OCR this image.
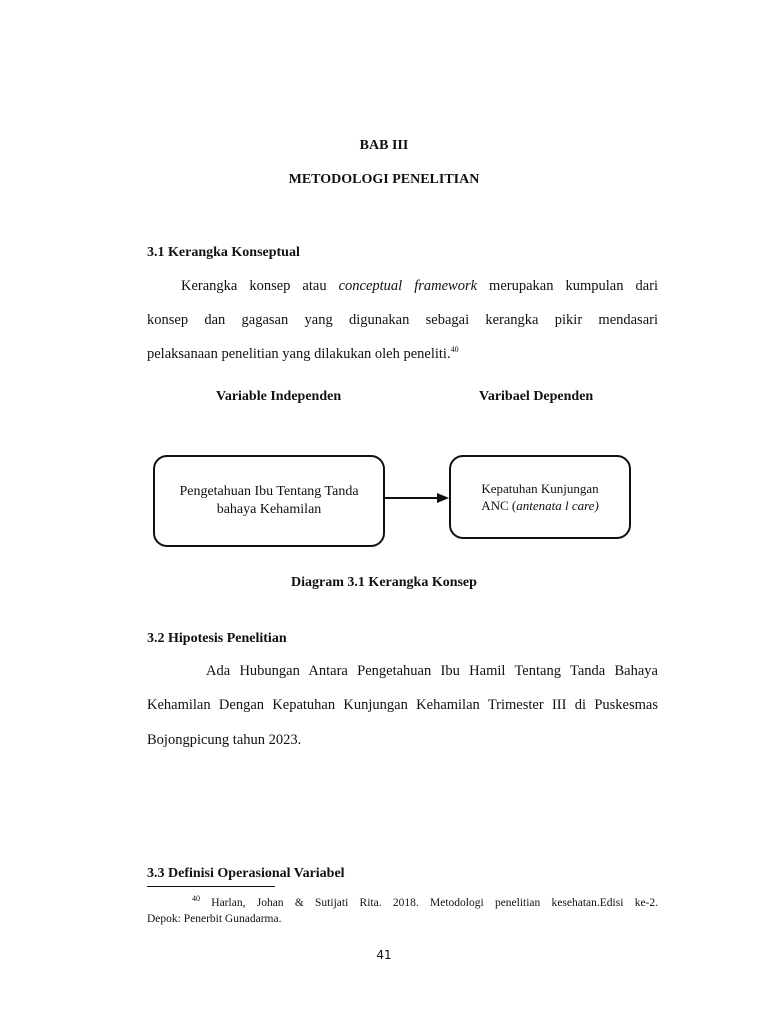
BAB III
METODOLOGI PENELITIAN
3.1 Kerangka Konseptual
Kerangka konsep atau conceptual framework merupakan kumpulan dari
konsep dan gagasan yang digunakan sebagai kerangka pikir mendasari
pelaksanaan penelitian yang dilakukan oleh peneliti.$^{40}$
Variable Independen	Varibael Dependen
Pengetahuan Ibu Tentang Tanda
bahaya Kehamilan
Kepatuhan Kunjungan
ANC (antenata l care)
Diagram 3.1 Kerangka Konsep
3.2 Hipotesis Penelitian
Ada Hubungan Antara Pengetahuan Ibu Hamil Tentang Tanda Bahaya
Kehamilan Dengan Kepatuhan Kunjungan Kehamilan Trimester III di Puskesmas
Bojongpicung tahun 2023.
3.3 Definisi Operasional Variabel
$^{40}$ Harlan, Johan & Sutijati Rita. 2018. Metodologi penelitian kesehatan.Edisi ke-2.
Depok: Penerbit Gunadarma.
41
